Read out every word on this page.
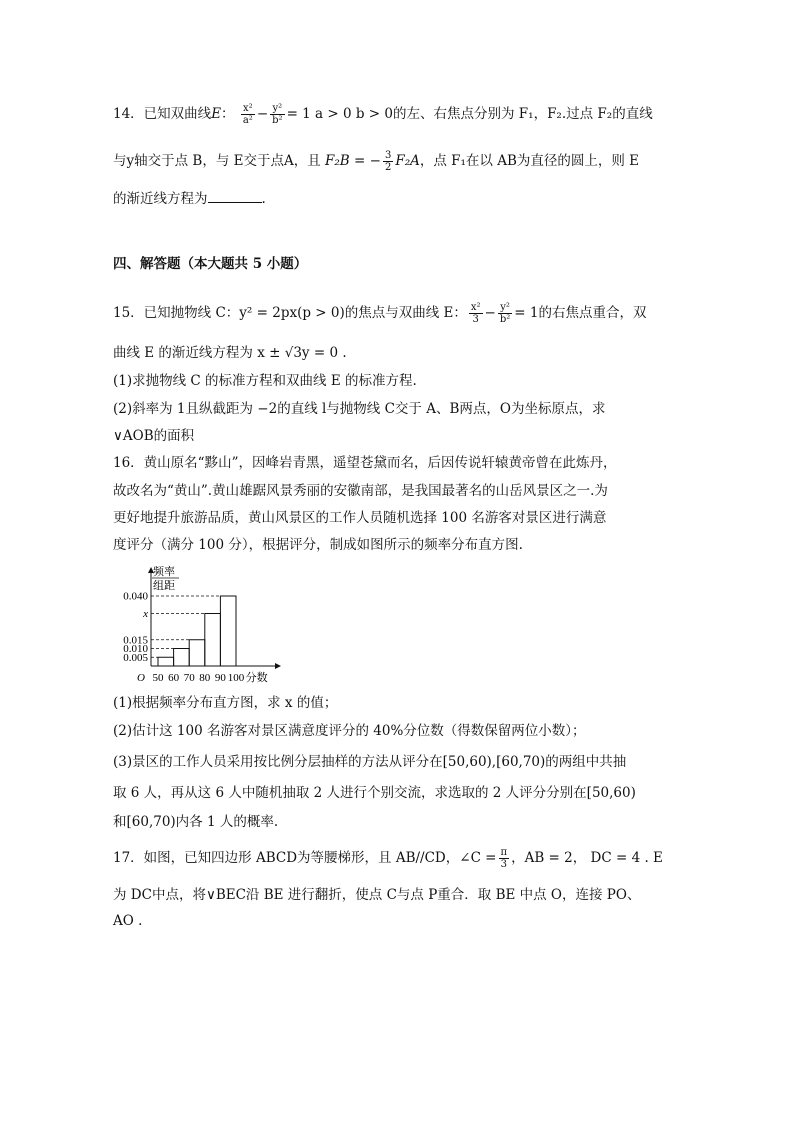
14．已知双曲线E： $\frac{\text{x²}}{\text{a²}} - \frac{\text{y²}}{\text{b²}} = 1$ a > 0 b > 0的左、右焦点分别为 F₁，F₂.过点 F₂的直线
与y轴交于点 B，与 E交于点A，且 F₂B = − $\frac{3}{2} F_2A$，点 F₁在以 AB为直径的圆上，则 E
的渐近线方程为	.
四、解答题（本大题共 5 小题）
15．已知抛物线 C：y² = 2px(p > 0)的焦点与双曲线 E： $\frac{\text{x²}}{3} - \frac{\text{y²}}{\text{b²}} = 1$的右焦点重合，双
曲线 E 的渐近线方程为 x ± √3y = 0 .
(1)求抛物线 C 的标准方程和双曲线 E 的标准方程.
(2)斜率为 1且纵截距为 −2的直线 l与抛物线 C交于 A、B两点，O为坐标原点，求
∨AOB的面积
16．黄山原名“黟山”，因峰岩青黑，遥望苍黛而名，后因传说轩辕黄帝曾在此炼丹，
故改名为“黄山”.黄山雄踞风景秀丽的安徽南部，是我国最著名的山岳风景区之一.为
更好地提升旅游品质，黄山风景区的工作人员随机选择 100 名游客对景区进行满意
度评分（满分 100 分），根据评分，制成如图所示的频率分布直方图.
频率
组距
0.040
x
0.015
0.010
0.005
O 50 60 70 80 90 100 分数
(1)根据频率分布直方图，求 x 的值；
(2)估计这 100 名游客对景区满意度评分的 40%分位数（得数保留两位小数）；
(3)景区的工作人员采用按比例分层抽样的方法从评分在[50,60),[60,70)的两组中共抽
取 6 人，再从这 6 人中随机抽取 2 人进行个别交流，求选取的 2 人评分分别在[50,60)
和[60,70)内各 1 人的概率.
17．如图，已知四边形 ABCD为等腰梯形，且 AB//CD，∠C = $\frac{\pi}{3}$ ，AB = 2， DC = 4 . E
为 DC中点，将∨BEC沿 BE 进行翻折，使点 C与点 P重合．取 BE 中点 O，连接 PO、
AO .
